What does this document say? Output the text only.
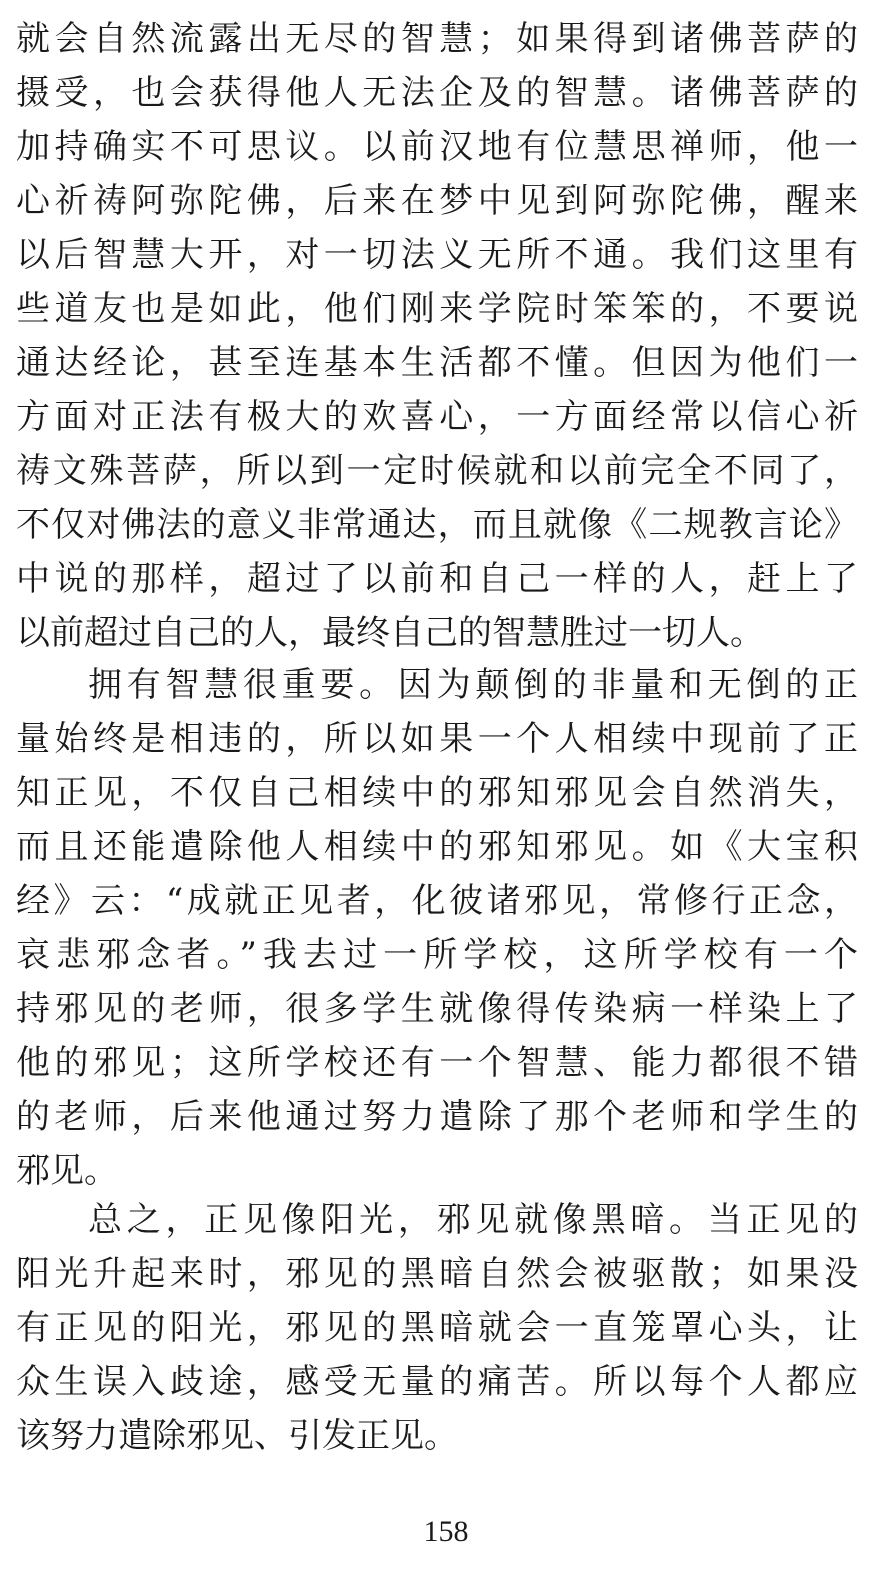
就会自然流露出无尽的智慧；如果得到诸佛菩萨的
摄受，也会获得他人无法企及的智慧。诸佛菩萨的
加持确实不可思议。以前汉地有位慧思禅师，他一
心祈祷阿弥陀佛，后来在梦中见到阿弥陀佛，醒来
以后智慧大开，对一切法义无所不通。我们这里有
些道友也是如此，他们刚来学院时笨笨的，不要说
通达经论，甚至连基本生活都不懂。但因为他们一
方面对正法有极大的欢喜心，一方面经常以信心祈
祷文殊菩萨，所以到一定时候就和以前完全不同了，
不仅对佛法的意义非常通达，而且就像《二规教言论》
中说的那样，超过了以前和自己一样的人，赶上了
以前超过自己的人，最终自己的智慧胜过一切人。
拥有智慧很重要。因为颠倒的非量和无倒的正
量始终是相违的，所以如果一个人相续中现前了正
知正见，不仅自己相续中的邪知邪见会自然消失，
而且还能遣除他人相续中的邪知邪见。如《大宝积
经》云：“成就正见者，化彼诸邪见，常修行正念，
哀悲邪念者。”我去过一所学校，这所学校有一个
持邪见的老师，很多学生就像得传染病一样染上了
他的邪见；这所学校还有一个智慧、能力都很不错
的老师，后来他通过努力遣除了那个老师和学生的
邪见。
总之，正见像阳光，邪见就像黑暗。当正见的
阳光升起来时，邪见的黑暗自然会被驱散；如果没
有正见的阳光，邪见的黑暗就会一直笼罩心头，让
众生误入歧途，感受无量的痛苦。所以每个人都应
该努力遣除邪见、引发正见。
158
